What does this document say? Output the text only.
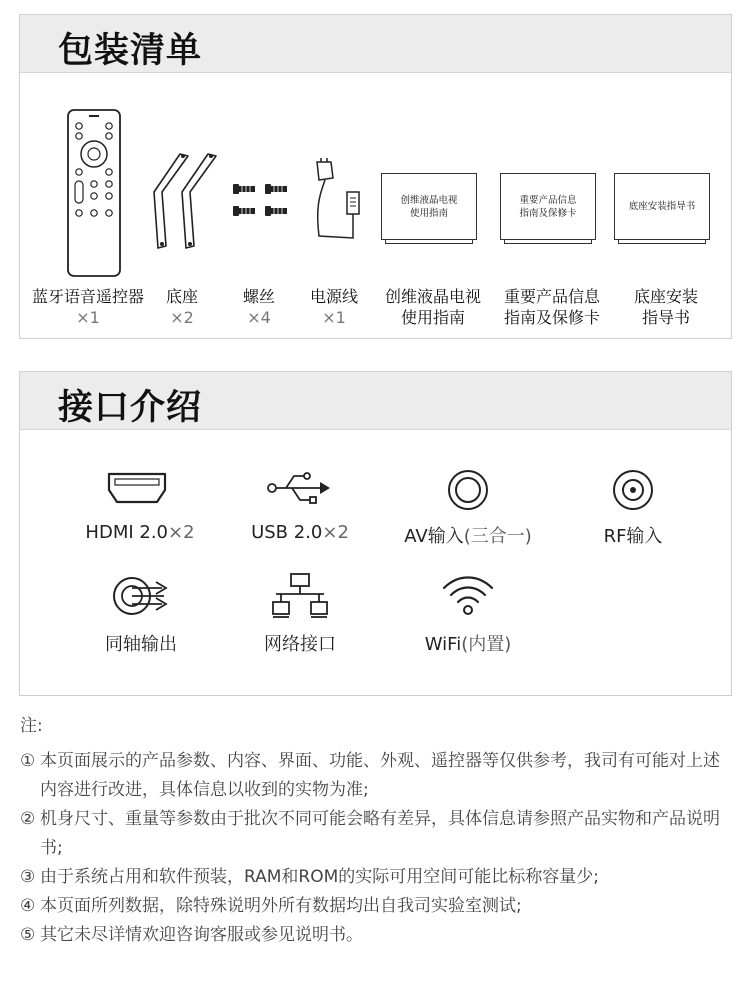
包装清单
创维液晶电视
使用指南
重要产品信息
指南及保修卡
底座安装指导书
蓝牙语音遥控器
×1
底座
×2
螺丝
×4
电源线
×1
创维液晶电视
使用指南
重要产品信息
指南及保修卡
底座安装
指导书
接口介绍
HDMI 2.0×2	USB 2.0×2	AV输入(三合一)	RF输入
同轴输出	网络接口	WiFi(内置)
注:
① 本页面展示的产品参数、内容、界面、功能、外观、遥控器等仅供参考，我司有可能对上述内容进行改进，具体信息以收到的实物为准;
② 机身尺寸、重量等参数由于批次不同可能会略有差异，具体信息请参照产品实物和产品说明书;
③ 由于系统占用和软件预装，RAM和ROM的实际可用空间可能比标称容量少;
④ 本页面所列数据，除特殊说明外所有数据均出自我司实验室测试;
⑤ 其它未尽详情欢迎咨询客服或参见说明书。
